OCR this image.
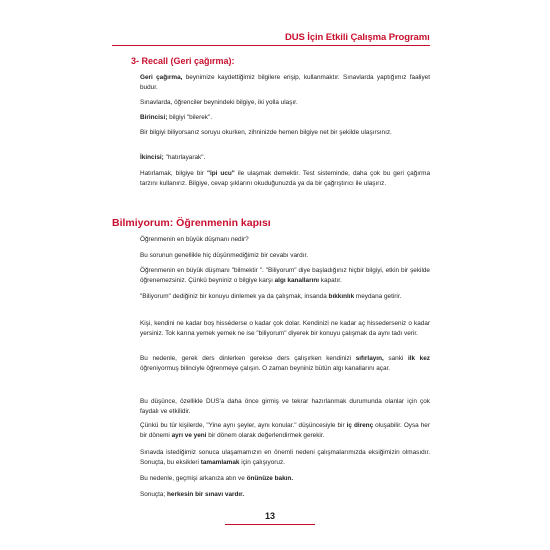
DUS İçin Etkili Çalışma Programı
3- Recall (Geri çağırma):

Geri çağırma, beynimize kaydettiğimiz bilgilere erişip, kullanmaktır. Sınavlarda yaptığımız faaliyet budur.

Sınavlarda, öğrenciler beynindeki bilgiye, iki yolla ulaşır.

Birincisi; bilgiyi "bilerek".

Bir bilgiyi biliyorsanız soruyu okurken, zihninizde hemen bilgiye net bir şekilde ulaşırsınız.

İkincisi; "hatırlayarak".

Hatırlamak, bilgiye bir "ipi ucu" ile ulaşmak demektir. Test sisteminde, daha çok bu geri çağırma tarzını kullanırız. Bilgiye, cevap şıklarını okuduğunuzda ya da bir çağrıştırıcı ile ulaşırız.

Bilmiyorum: Öğrenmenin kapısı

Öğrenmenin en büyük düşmanı nedir?

Bu sorunun genellikle hiç düşünmediğimiz bir cevabı vardır.

Öğrenmenin en büyük düşmanı "bilmektir ". "Biliyorum" diye başladığınız hiçbir bilgiyi, etkin bir şekilde öğrenemezsiniz. Çünkü beyniniz o bilgiye karşı algı kanallarını kapatır.

"Biliyorum" dediğiniz bir konuyu dinlemek ya da çalışmak, insanda bıkkınlık meydana getirir.

Kişi, kendini ne kadar boş hisséderse o kadar çok dolar. Kendinizi ne kadar aç hissederseniz o kadar yersiniz. Tok karına yemek yemek ne ise "biliyorum" diyerek bir konuyu çalışmak da aynı tadı verir.

Bu nedenle, gerek ders dinlerken gerekse ders çalışırken kendinizi sıfırlayın, sanki ilk kez öğreniyormuş bilinciyle öğrenmeye çalışın. O zaman beyniniz bütün algı kanallarını açar.

Bu düşünce, özellikle DUS'a daha önce girmiş ve tekrar hazırlanmak durumunda olanlar için çok faydalı ve etkilidir.

Çünkü bu tür kişilerde, "Yine aynı şeyler, aynı konular." düşüncesiyle bir iç direnç oluşabilir. Oysa her bir dönemi ayrı ve yeni bir dönem olarak değerlendirmek gerekir.

Sınavda istediğimiz sonuca ulaşamamızın en önemli nedeni çalışmalarımızda eksiğimizin olmasıdır. Sonuçta, bu eksikleri tamamlamak için çalışıyoruz.

Bu nedenle, geçmişi arkanıza atın ve önünüze bakın.

Sonuçta; herkesin bir sınavı vardır.

13
